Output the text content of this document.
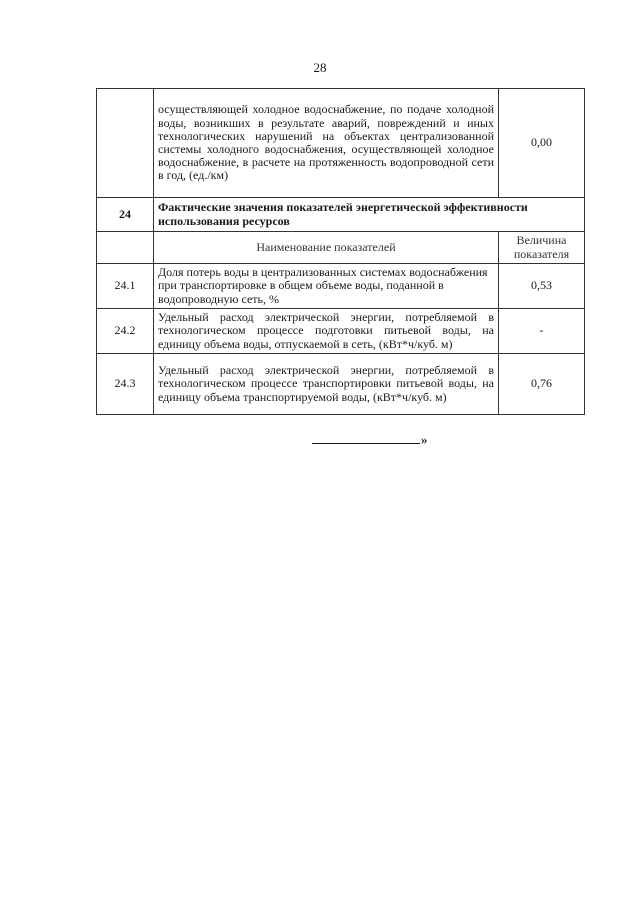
28
	осуществляющей холодное водоснабжение, по подаче холодной воды, возникших в результате аварий, повреждений и иных технологических нарушений на объектах централизованной системы холодного водоснабжения, осуществляющей холодное водоснабжение, в расчете на протяженность водопроводной сети в год, (ед./км)	0,00
24	Фактические значения показателей энергетической эффективности использования ресурсов	
	Наименование показателей	Величина показателя
24.1	Доля потерь воды в централизованных системах водоснабжения при транспортировке в общем объеме воды, поданной в водопроводную сеть, %	0,53
24.2	Удельный расход электрической энергии, потребляемой в технологическом процессе подготовки питьевой воды, на единицу объема воды, отпускаемой в сеть, (кВт*ч/куб. м)	-
24.3	Удельный расход электрической энергии, потребляемой в технологическом процессе транспортировки питьевой воды, на единицу объема транспортируемой воды, (кВт*ч/куб. м)	0,76
»
